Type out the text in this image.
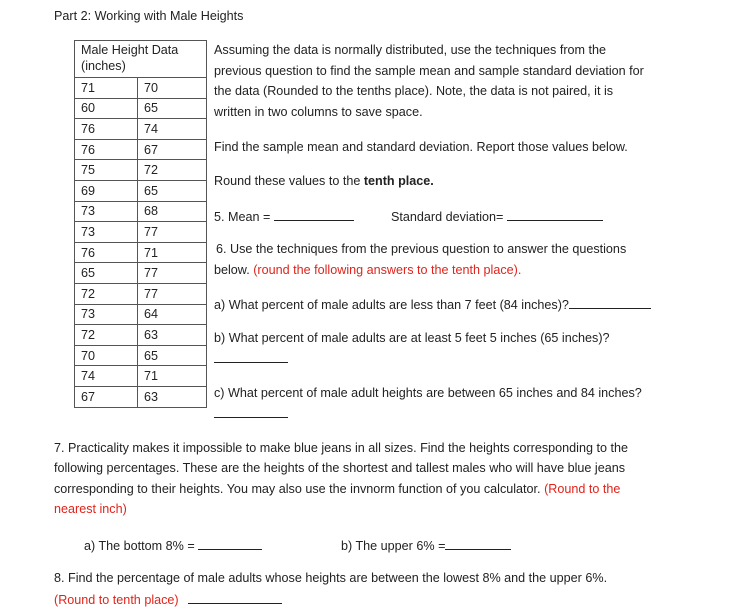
Part 2: Working with Male Heights
Male Height Data
(inches)	
71	70
60	65
76	74
76	67
75	72
69	65
73	68
73	77
76	71
65	77
72	77
73	64
72	63
70	65
74	71
67	63
Assuming the data is normally distributed, use the techniques from the
previous question to find the sample mean and sample standard deviation for
the data (Rounded to the tenths place). Note, the data is not paired, it is
written in two columns to save space.
Find the sample mean and standard deviation. Report those values below.
Round these values to the tenth place.
5. Mean =	Standard deviation=
6. Use the techniques from the previous question to answer the questions
below. (round the following answers to the tenth place).
a) What percent of male adults are less than 7 feet (84 inches)?
b) What percent of male adults are at least 5 feet 5 inches (65 inches)?
c) What percent of male adult heights are between 65 inches and 84 inches?
7. Practicality makes it impossible to make blue jeans in all sizes. Find the heights corresponding to the
following percentages. These are the heights of the shortest and tallest males who will have blue jeans
corresponding to their heights. You may also use the invnorm function of you calculator. (Round to the
nearest inch)
a) The bottom 8% =	b) The upper 6% =
8. Find the percentage of male adults whose heights are between the lowest 8% and the upper 6%.
(Round to tenth place)
